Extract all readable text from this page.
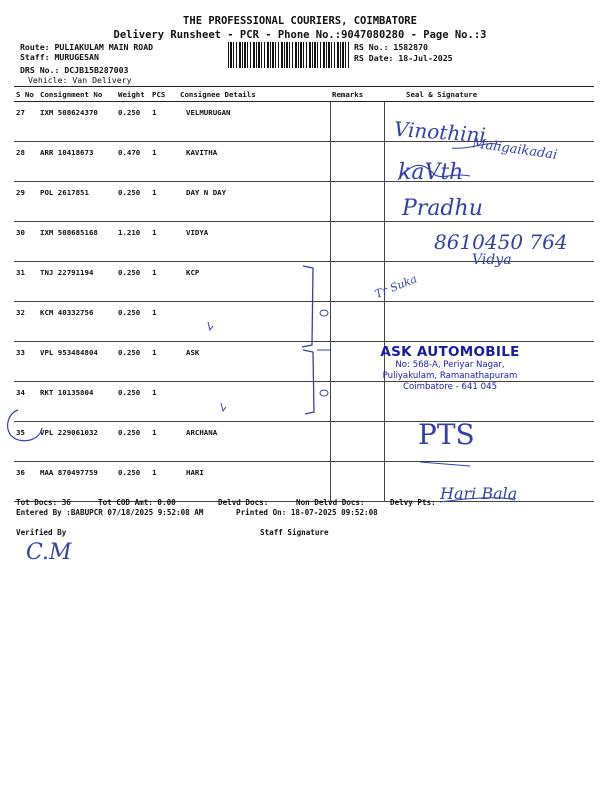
THE PROFESSIONAL COURIERS, COIMBATORE
Delivery Runsheet - PCR - Phone No.:9047080280 - Page No.:3
Route: PULIAKULAM MAIN ROAD
Staff: MURUGESAN
DRS No.: DCJB15B287003
Vehicle: Van Delivery
RS No.: 1582870
RS Date: 18-Jul-2025
S No	Consignment No	Weight	PCS	Consignee Details	Remarks	Seal & Signature
27	IXM 508624370	0.250	1	VELMURUGAN		
28	ARR 10418673	0.470	1	KAVITHA		
29	POL 2617851	0.250	1	DAY N DAY		
30	IXM 508685168	1.210	1	VIDYA		
31	TNJ 22791194	0.250	1	KCP		
32	KCM 40332756	0.250	1			
33	VPL 953484804	0.250	1	ASK		
34	RKT 10135804	0.250	1			
35	VPL 229061032	0.250	1	ARCHANA		
36	MAA 870497759	0.250	1	HARI		
Tot Docs: 36	Tot COD Amt: 0.00	Delvd Docs:	Non Delvd Docs:	Delvy Pts:
Entered By :BABUPCR 07/18/2025 9:52:08 AM	Printed On: 18-07-2025 09:52:08
Verified By	Staff Signature
Vinothini
Maligaikadai
kaVth
Pradhu
8610450 764
Vidya
Tr Suka
PTS
Hari Bala
C.M
ASK AUTOMOBILE
No: 568-A, Periyar Nagar,
Puliyakulam, Ramanathapuram
Coimbatore - 641 045
